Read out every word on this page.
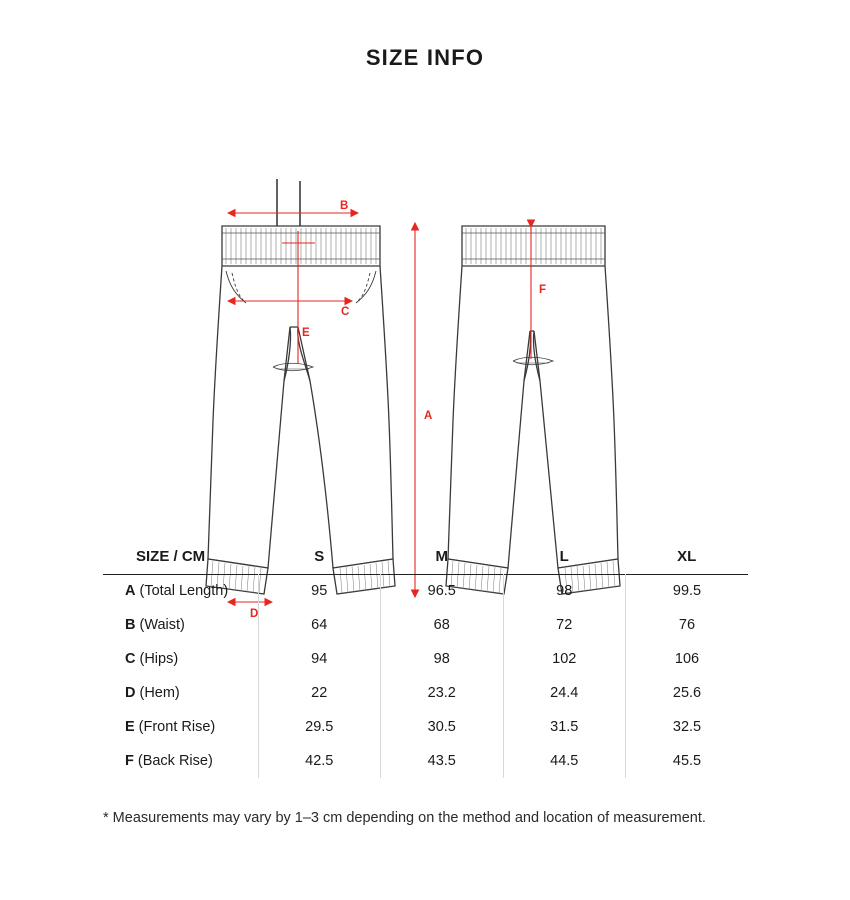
SIZE INFO
B
C
E
A
D
F
SIZE / CM	S	M	L	XL
A (Total Length)	95	96.5	98	99.5
B (Waist)	64	68	72	76
C (Hips)	94	98	102	106
D (Hem)	22	23.2	24.4	25.6
E (Front Rise)	29.5	30.5	31.5	32.5
F (Back Rise)	42.5	43.5	44.5	45.5
* Measurements may vary by 1–3 cm depending on the method and location of measurement.
